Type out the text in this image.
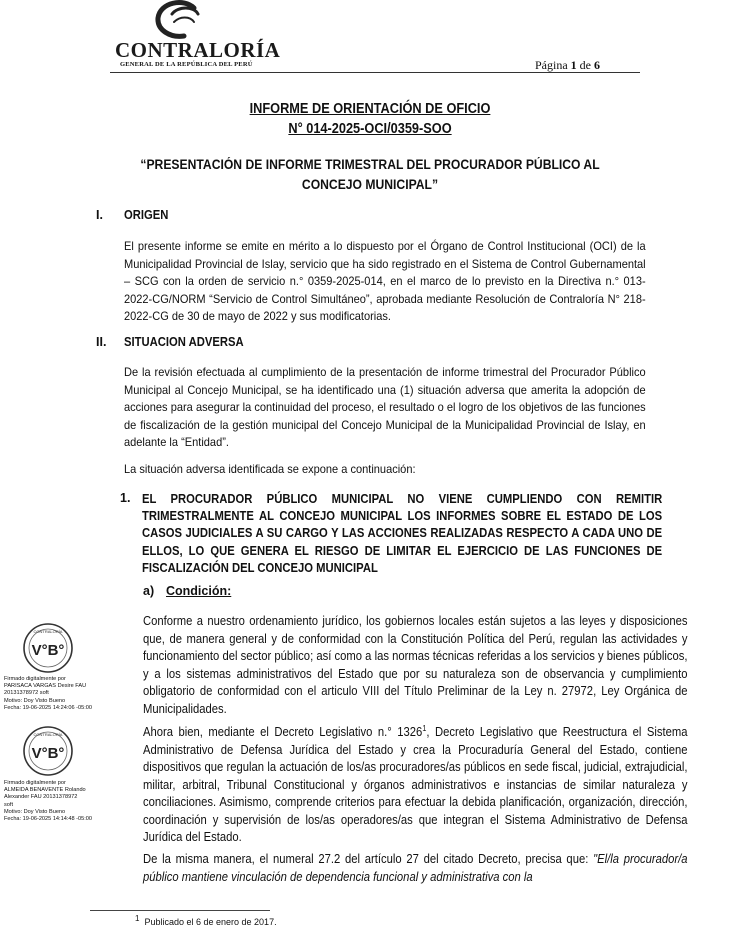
CONTRALORÍA
GENERAL DE LA REPÚBLICA DEL PERÚ	Página 1 de 6
INFORME DE ORIENTACIÓN DE OFICIO
N° 014-2025-OCI/0359-SOO
“PRESENTACIÓN DE INFORME TRIMESTRAL DEL PROCURADOR PÚBLICO AL CONCEJO MUNICIPAL”
I. ORIGEN
El presente informe se emite en mérito a lo dispuesto por el Órgano de Control Institucional (OCI) de la Municipalidad Provincial de Islay, servicio que ha sido registrado en el Sistema de Control Gubernamental – SCG con la orden de servicio n.° 0359-2025-014, en el marco de lo previsto en la Directiva n.° 013-2022-CG/NORM “Servicio de Control Simultáneo”, aprobada mediante Resolución de Contraloría N° 218-2022-CG de 30 de mayo de 2022 y sus modificatorias.
II. SITUACION ADVERSA
De la revisión efectuada al cumplimiento de la presentación de informe trimestral del Procurador Público Municipal al Concejo Municipal, se ha identificado una (1) situación adversa que amerita la adopción de acciones para asegurar la continuidad del proceso, el resultado o el logro de los objetivos de las funciones de fiscalización de la gestión municipal del Concejo Municipal de la Municipalidad Provincial de Islay, en adelante la “Entidad”.
La situación adversa identificada se expone a continuación:
1. EL PROCURADOR PÚBLICO MUNICIPAL NO VIENE CUMPLIENDO CON REMITIR TRIMESTRALMENTE AL CONCEJO MUNICIPAL LOS INFORMES SOBRE EL ESTADO DE LOS CASOS JUDICIALES A SU CARGO Y LAS ACCIONES REALIZADAS RESPECTO A CADA UNO DE ELLOS, LO QUE GENERA EL RIESGO DE LIMITAR EL EJERCICIO DE LAS FUNCIONES DE FISCALIZACIÓN DEL CONCEJO MUNICIPAL
a) Condición:
Conforme a nuestro ordenamiento jurídico, los gobiernos locales están sujetos a las leyes y disposiciones que, de manera general y de conformidad con la Constitución Política del Perú, regulan las actividades y funcionamiento del sector público; así como a las normas técnicas referidas a los servicios y bienes públicos, y a los sistemas administrativos del Estado que por su naturaleza son de observancia y cumplimiento obligatorio de conformidad con el articulo VIII del Título Preliminar de la Ley n. 27972, Ley Orgánica de Municipalidades.
Ahora bien, mediante el Decreto Legislativo n.° 1326$^1$, Decreto Legislativo que Reestructura el Sistema Administrativo de Defensa Jurídica del Estado y crea la Procuraduría General del Estado, contiene dispositivos que regulan la actuación de los/as procuradores/as públicos en sede fiscal, judicial, extrajudicial, militar, arbitral, Tribunal Constitucional y órganos administrativos e instancias de similar naturaleza y conciliaciones. Asimismo, comprende criterios para efectuar la debida planificación, organización, dirección, coordinación y supervisión de los/as operadores/as que integran el Sistema Administrativo de Defensa Jurídica del Estado.
De la misma manera, el numeral 27.2 del artículo 27 del citado Decreto, precisa que: "El/la procurador/a público mantiene vinculación de dependencia funcional y administrativa con la
$^1$ Publicado el 6 de enero de 2017.
CONTRALORÍA
V°B°
Firmado digitalmente por
PARISACA VARGAS Desire FAU
20131378972 soft
Motivo: Doy Visto Bueno
Fecha: 19-06-2025 14:24:06 -05:00
CONTRALORÍA
V°B°
Firmado digitalmente por
ALMEIDA BENAVENTE Rolando
Alexander FAU 20131378972
soft
Motivo: Doy Visto Bueno
Fecha: 19-06-2025 14:14:48 -05:00
